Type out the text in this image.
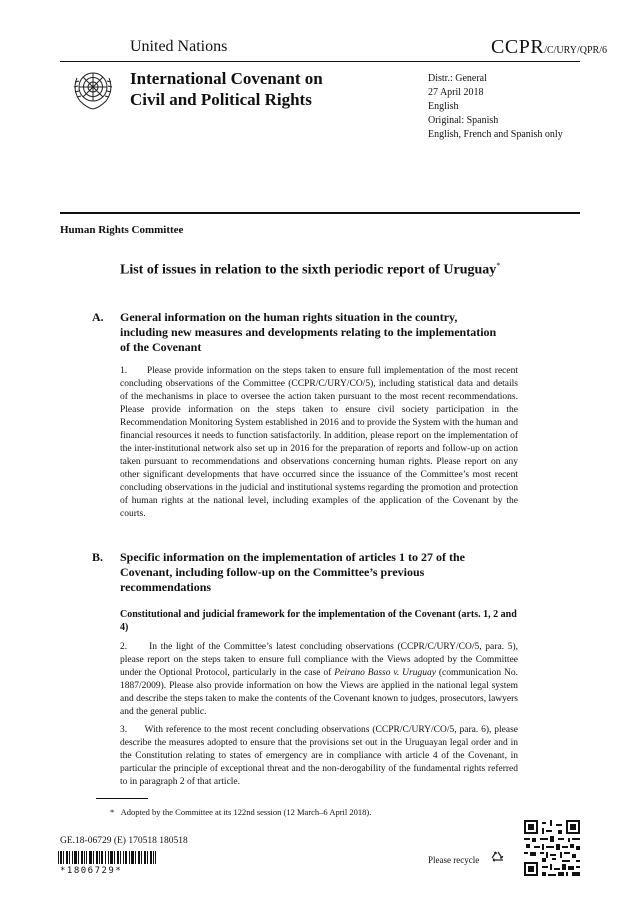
United Nations	CCPR/C/URY/QPR/6
International Covenant on
Civil and Political Rights
Distr.: General
27 April 2018
English
Original: Spanish
English, French and Spanish only
Human Rights Committee
List of issues in relation to the sixth periodic report of Uruguay*
A. General information on the human rights situation in the country, including new measures and developments relating to the implementation of the Covenant
1.      Please provide information on the steps taken to ensure full implementation of the most recent concluding observations of the Committee (CCPR/C/URY/CO/5), including statistical data and details of the mechanisms in place to oversee the action taken pursuant to the most recent recommendations. Please provide information on the steps taken to ensure civil society participation in the Recommendation Monitoring System established in 2016 and to provide the System with the human and financial resources it needs to function satisfactorily. In addition, please report on the implementation of the inter-institutional network also set up in 2016 for the preparation of reports and follow-up on action taken pursuant to recommendations and observations concerning human rights. Please report on any other significant developments that have occurred since the issuance of the Committee’s most recent concluding observations in the judicial and institutional systems regarding the promotion and protection of human rights at the national level, including examples of the application of the Covenant by the courts.
B. Specific information on the implementation of articles 1 to 27 of the Covenant, including follow-up on the Committee’s previous recommendations
Constitutional and judicial framework for the implementation of the Covenant (arts. 1, 2 and 4)
2.      In the light of the Committee’s latest concluding observations (CCPR/C/URY/CO/5, para. 5), please report on the steps taken to ensure full compliance with the Views adopted by the Committee under the Optional Protocol, particularly in the case of Peirano Basso v. Uruguay (communication No. 1887/2009). Please also provide information on how the Views are applied in the national legal system and describe the steps taken to make the contents of the Covenant known to judges, prosecutors, lawyers and the general public.
3.      With reference to the most recent concluding observations (CCPR/C/URY/CO/5, para. 6), please describe the measures adopted to ensure that the provisions set out in the Uruguayan legal order and in the Constitution relating to states of emergency are in compliance with article 4 of the Covenant, in particular the principle of exceptional threat and the non-derogability of the fundamental rights referred to in paragraph 2 of that article.
*   Adopted by the Committee at its 122nd session (12 March–6 April 2018).
GE.18-06729 (E) 170518 180518
*1806729*
Please recycle
